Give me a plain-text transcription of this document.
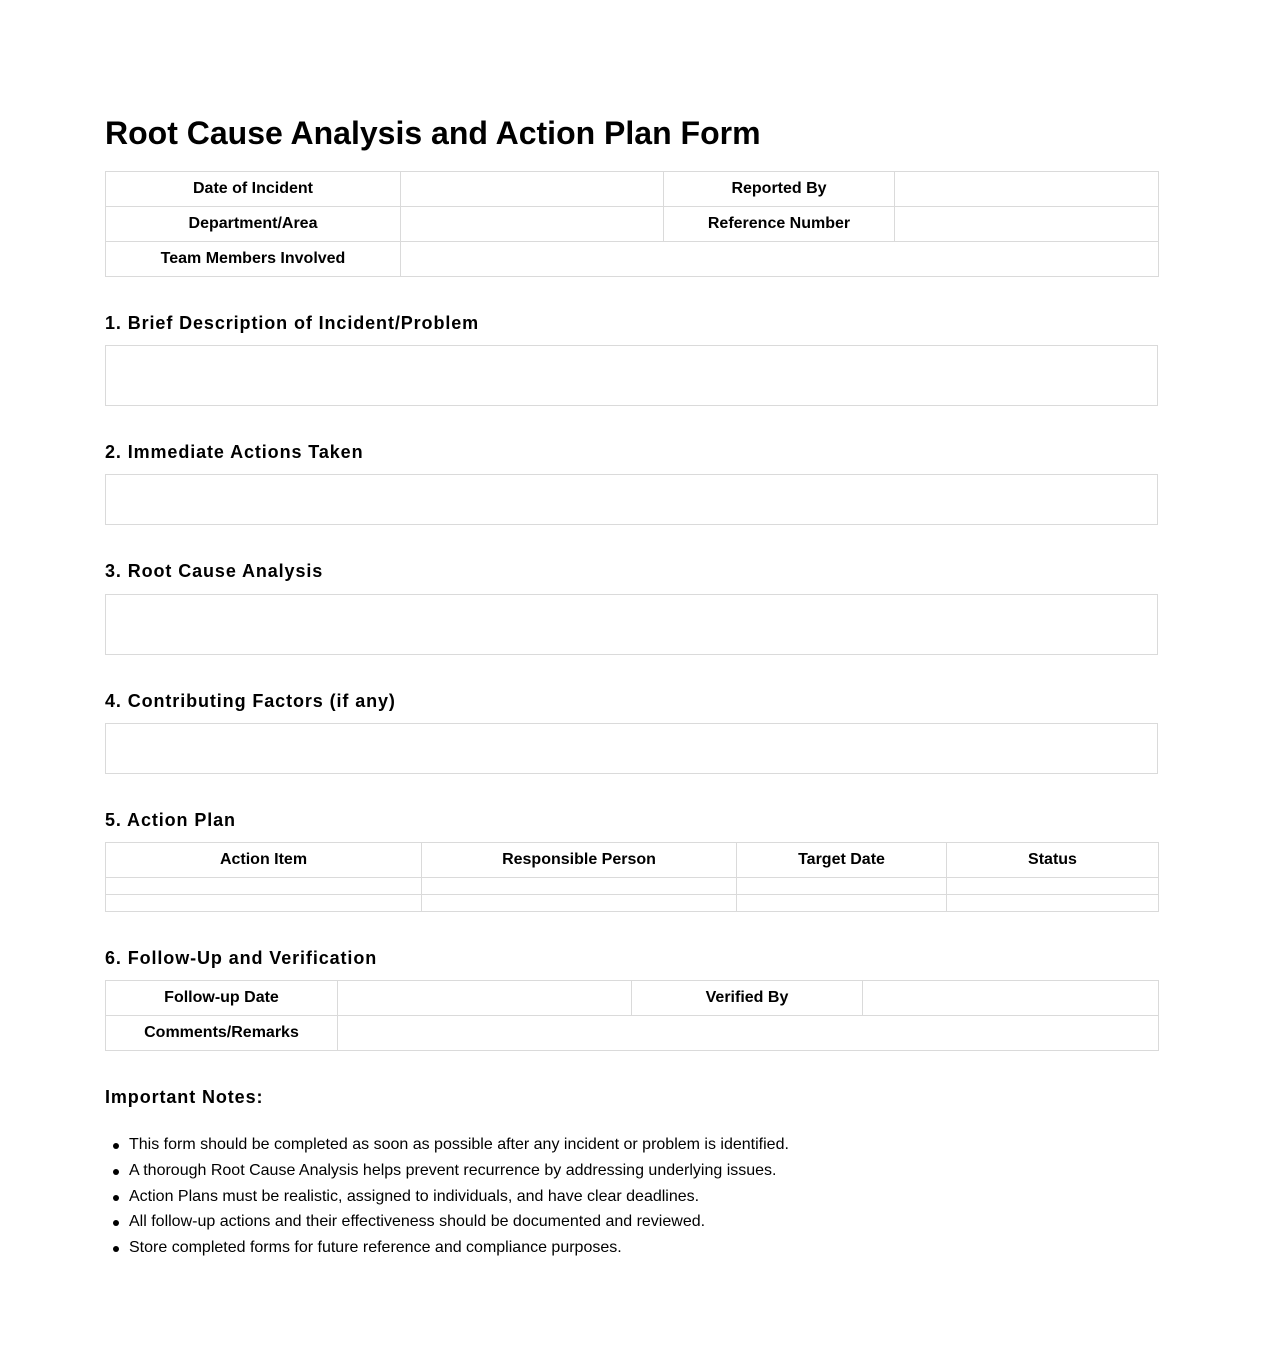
Root Cause Analysis and Action Plan Form
Date of Incident		Reported By	
Department/Area		Reference Number	
Team Members Involved			
1. Brief Description of Incident/Problem
2. Immediate Actions Taken
3. Root Cause Analysis
4. Contributing Factors (if any)
5. Action Plan
Action Item	Responsible Person	Target Date	Status

6. Follow-Up and Verification
Follow-up Date		Verified By	
Comments/Remarks			
Important Notes:
This form should be completed as soon as possible after any incident or problem is identified.
A thorough Root Cause Analysis helps prevent recurrence by addressing underlying issues.
Action Plans must be realistic, assigned to individuals, and have clear deadlines.
All follow-up actions and their effectiveness should be documented and reviewed.
Store completed forms for future reference and compliance purposes.
